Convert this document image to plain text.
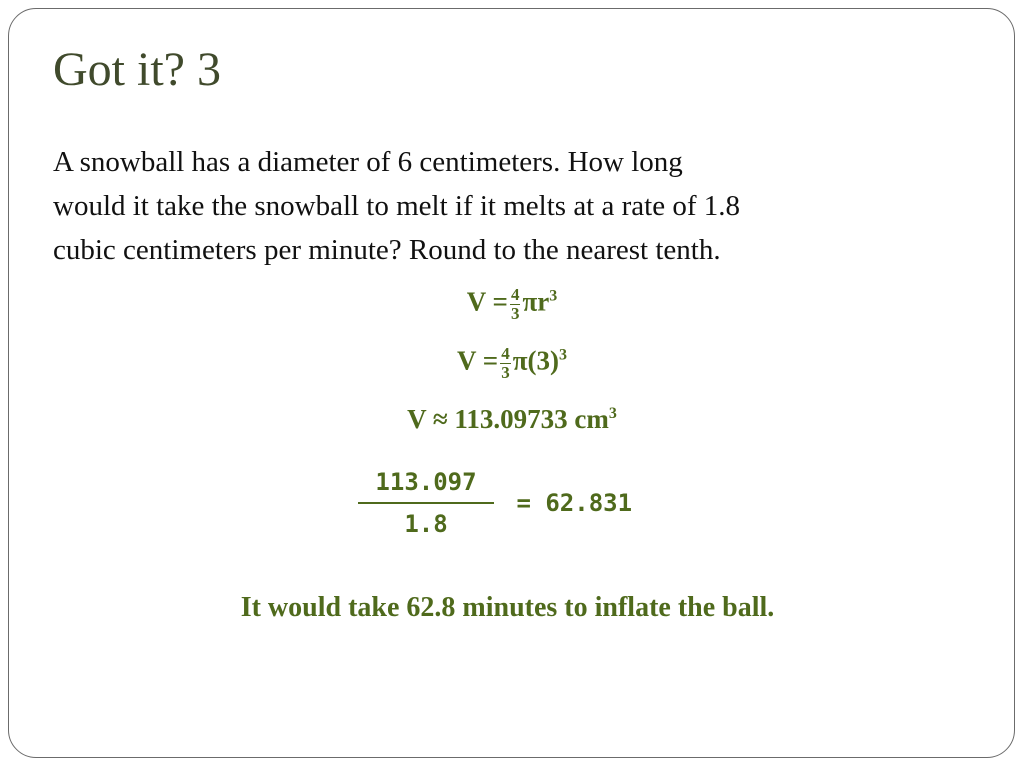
Got it? 3
A snowball has a diameter of 6 centimeters. How long
would it take the snowball to melt if it melts at a rate of 1.8
cubic centimeters per minute? Round to the nearest tenth.
$V = \frac{4}{3} \pi r^3$
$V = \frac{4}{3} \pi(3)^3$
V ≈ 113.09733 $cm^3$
$\frac{113.097}{1.8} = 62.831$
It would take 62.8 minutes to inflate the ball.
